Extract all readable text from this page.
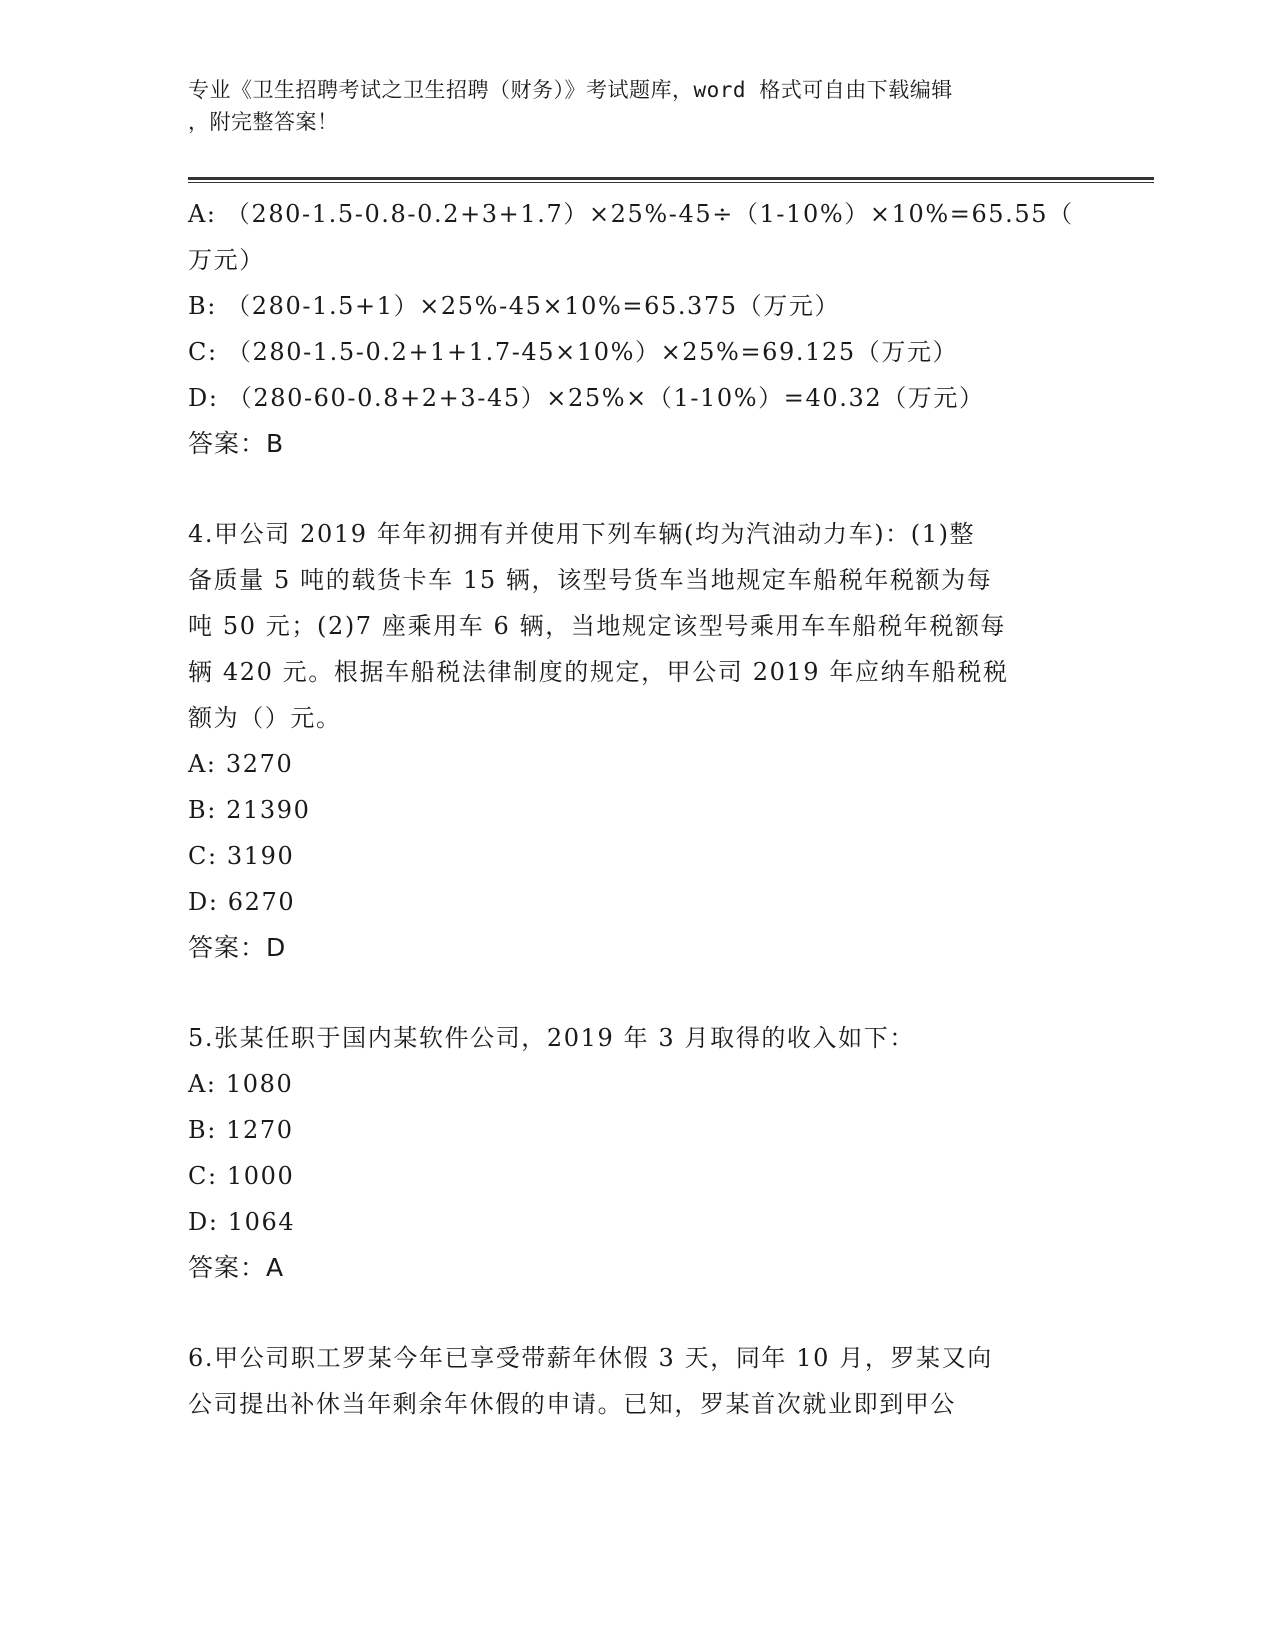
专业《卫生招聘考试之卫生招聘（财务）》考试题库，word 格式可自由下载编辑
，附完整答案！
A: （280-1.5-0.8-0.2+3+1.7）×25%-45÷（1-10%）×10%=65.55（
万元）
B: （280-1.5+1）×25%-45×10%=65.375（万元）
C: （280-1.5-0.2+1+1.7-45×10%）×25%=69.125（万元）
D: （280-60-0.8+2+3-45）×25%×（1-10%）=40.32（万元）
答案：B
4.甲公司 2019 年年初拥有并使用下列车辆(均为汽油动力车)：(1)整
备质量 5 吨的载货卡车 15 辆，该型号货车当地规定车船税年税额为每
吨 50 元；(2)7 座乘用车 6 辆，当地规定该型号乘用车车船税年税额每
辆 420 元。根据车船税法律制度的规定，甲公司 2019 年应纳车船税税
额为（）元。
A: 3270
B: 21390
C: 3190
D: 6270
答案：D
5.张某任职于国内某软件公司，2019 年 3 月取得的收入如下：
A: 1080
B: 1270
C: 1000
D: 1064
答案：A
6.甲公司职工罗某今年已享受带薪年休假 3 天，同年 10 月，罗某又向
公司提出补休当年剩余年休假的申请。已知，罗某首次就业即到甲公
